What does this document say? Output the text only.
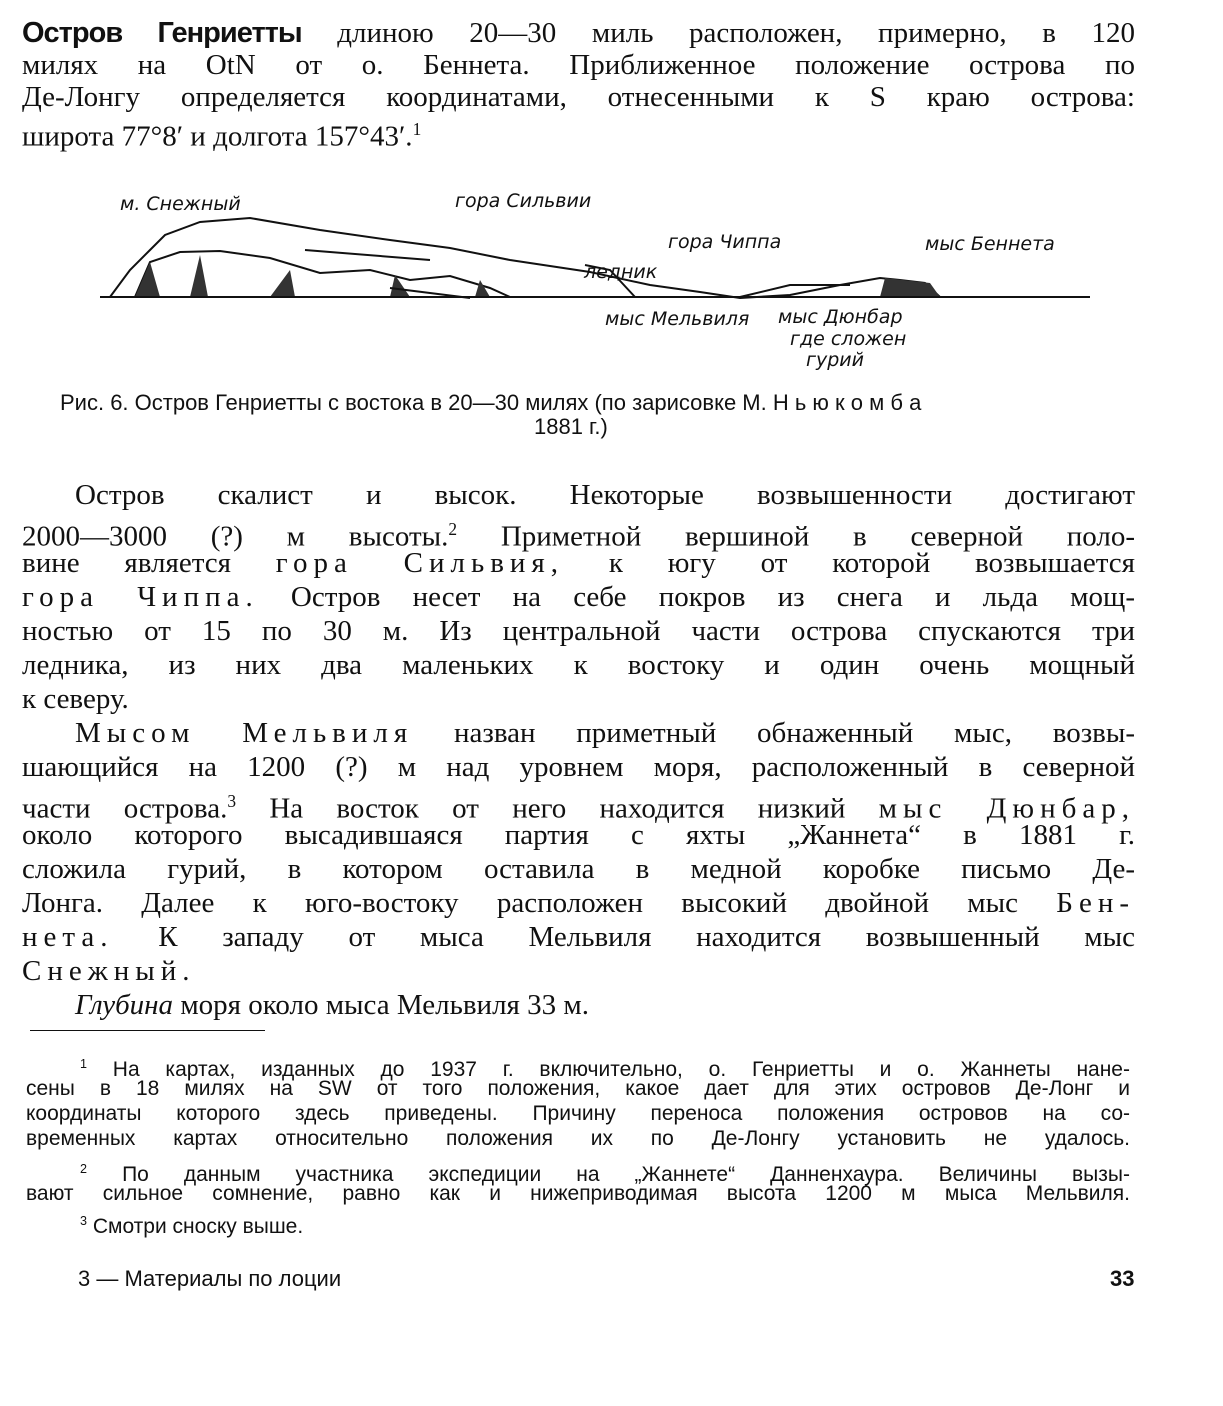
Остров Генриетты длиною 20—30 миль расположен, примерно, в 120
милях на OtN от о. Беннета. Приближенное положение острова по
Де-Лонгу определяется координатами, отнесенными к S краю острова:
широта 77°8′ и долгота 157°43′.$^1$
м. Снежный	гора Сильвии
гора Чиппа	мыс Беннета
ледник
мыс Мельвиля мыс Дюнбар
где сложен
гурий
Рис. 6. Остров Генриетты с востока в 20—30 милях (по зарисовке М. Н ь ю к о м б а
1881 г.)
Остров скалист и высок. Некоторые возвышенности достигают
2000—3000 (?) м высоты.$^2$ Приметной вершиной в северной поло-
вине является гора Сильвия, к югу от которой возвышается
гора Чиппа. Остров несет на себе покров из снега и льда мощ-
ностью от 15 по 30 м. Из центральной части острова спускаются три
ледника, из них два маленьких к востоку и один очень мощный
к северу.
Мысом Мельвиля назван приметный обнаженный мыс, возвы-
шающийся на 1200 (?) м над уровнем моря, расположенный в северной
части острова.$^3$ На восток от него находится низкий мыс Дюнбар,
около которого высадившаяся партия с яхты „Жаннета“ в 1881 г.
сложила гурий, в котором оставила в медной коробке письмо Де-
Лонга. Далее к юго-востоку расположен высокий двойной мыс Бен-
нета. К западу от мыса Мельвиля находится возвышенный мыс
Снежный.
Глубина моря около мыса Мельвиля 33 м.
$^1$ На картах, изданных до 1937 г. включительно, о. Генриетты и о. Жаннеты нане-
сены в 18 милях на SW от того положения, какое дает для этих островов Де-Лонг и
координаты которого здесь приведены. Причину переноса положения островов на со-
временных картах относительно положения их по Де-Лонгу установить не удалось.
$^2$ По данным участника экспедиции на „Жаннете“ Данненхаура. Величины вызы-
вают сильное сомнение, равно как и нижеприводимая высота 1200 м мыса Мельвиля.
$^3$ Смотри сноску выше.
3 — Материалы по лоции	33
